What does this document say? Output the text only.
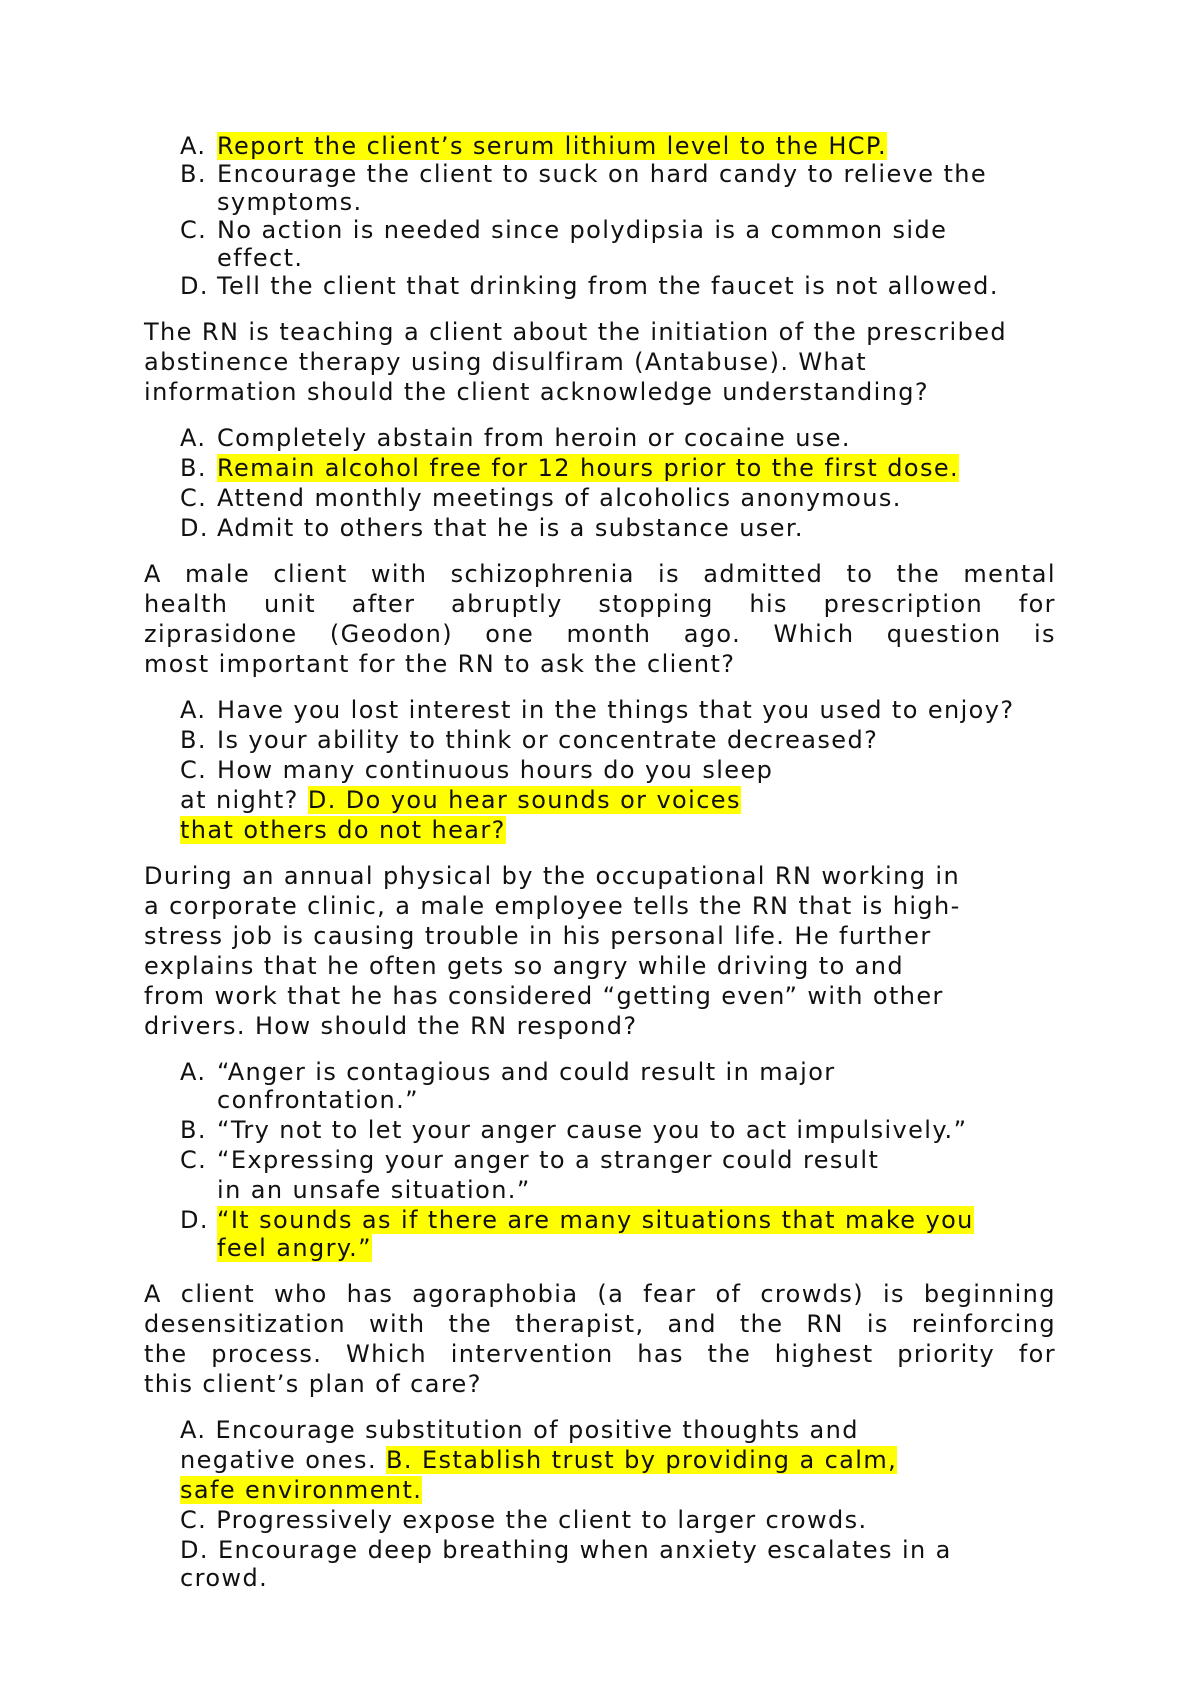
A. Report the client’s serum lithium level to the HCP.
B. Encourage the client to suck on hard candy to relieve the
symptoms.
C. No action is needed since polydipsia is a common side
effect.
D. Tell the client that drinking from the faucet is not allowed.
The RN is teaching a client about the initiation of the prescribed
abstinence therapy using disulfiram (Antabuse). What
information should the client acknowledge understanding?
A. Completely abstain from heroin or cocaine use.
B. Remain alcohol free for 12 hours prior to the first dose.
C. Attend monthly meetings of alcoholics anonymous.
D. Admit to others that he is a substance user.
A male client with schizophrenia is admitted to the mental
health unit after abruptly stopping his prescription for
ziprasidone (Geodon) one month ago. Which question is
most important for the RN to ask the client?
A. Have you lost interest in the things that you used to enjoy?
B. Is your ability to think or concentrate decreased?
C. How many continuous hours do you sleep
at night? D. Do you hear sounds or voices
that others do not hear?
During an annual physical by the occupational RN working in
a corporate clinic, a male employee tells the RN that is high-
stress job is causing trouble in his personal life. He further
explains that he often gets so angry while driving to and
from work that he has considered “getting even” with other
drivers. How should the RN respond?
A. “Anger is contagious and could result in major
confrontation.”
B. “Try not to let your anger cause you to act impulsively.”
C. “Expressing your anger to a stranger could result
in an unsafe situation.”
D. “It sounds as if there are many situations that make you
feel angry.”
A client who has agoraphobia (a fear of crowds) is beginning
desensitization with the therapist, and the RN is reinforcing
the process. Which intervention has the highest priority for
this client’s plan of care?
A. Encourage substitution of positive thoughts and
negative ones. B. Establish trust by providing a calm,
safe environment.
C. Progressively expose the client to larger crowds.
D. Encourage deep breathing when anxiety escalates in a
crowd.
